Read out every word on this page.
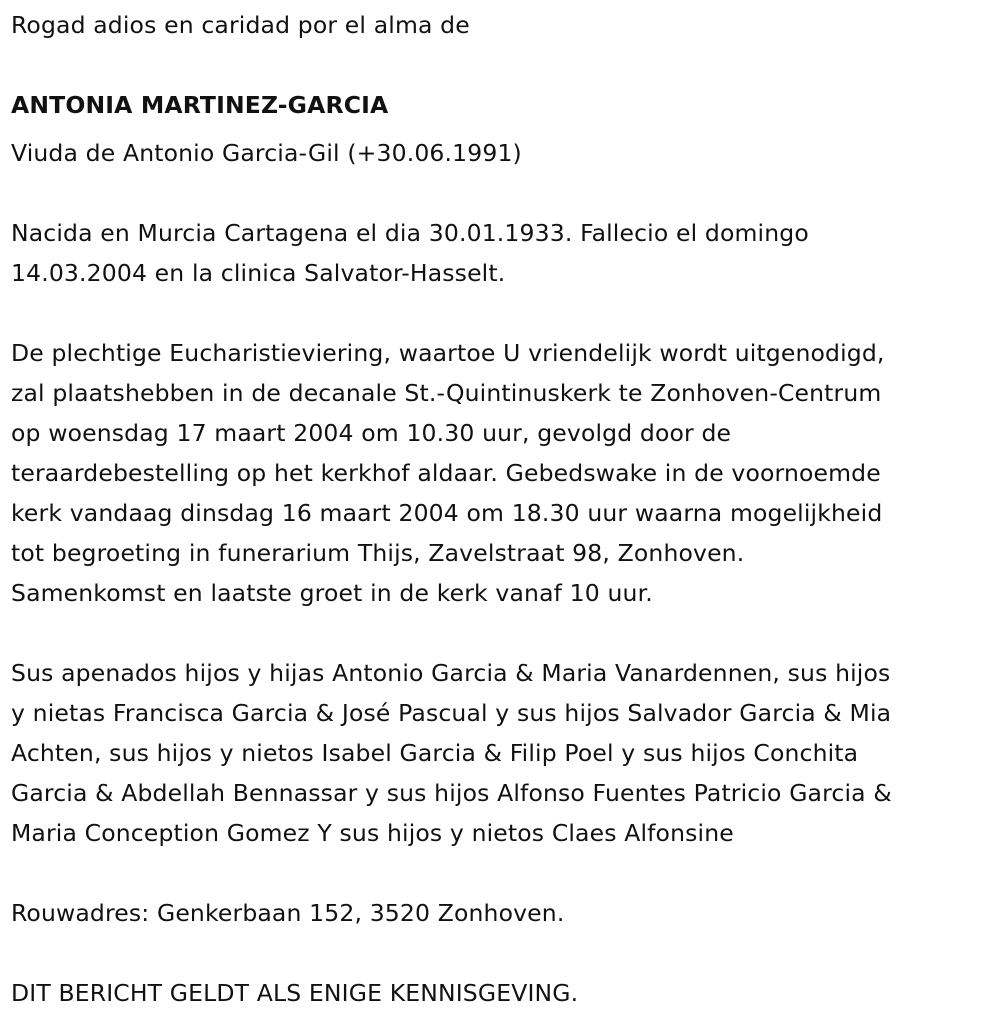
Rogad adios en caridad por el alma de
ANTONIA MARTINEZ-GARCIA
Viuda de Antonio Garcia-Gil (+30.06.1991)
Nacida en Murcia Cartagena el dia 30.01.1933. Fallecio el domingo
14.03.2004 en la clinica Salvator-Hasselt.
De plechtige Eucharistieviering, waartoe U vriendelijk wordt uitgenodigd,
zal plaatshebben in de decanale St.-Quintinuskerk te Zonhoven-Centrum
op woensdag 17 maart 2004 om 10.30 uur, gevolgd door de
teraardebestelling op het kerkhof aldaar. Gebedswake in de voornoemde
kerk vandaag dinsdag 16 maart 2004 om 18.30 uur waarna mogelijkheid
tot begroeting in funerarium Thijs, Zavelstraat 98, Zonhoven.
Samenkomst en laatste groet in de kerk vanaf 10 uur.
Sus apenados hijos y hijas Antonio Garcia & Maria Vanardennen, sus hijos
y nietas Francisca Garcia & José Pascual y sus hijos Salvador Garcia & Mia
Achten, sus hijos y nietos Isabel Garcia & Filip Poel y sus hijos Conchita
Garcia & Abdellah Bennassar y sus hijos Alfonso Fuentes Patricio Garcia &
Maria Conception Gomez Y sus hijos y nietos Claes Alfonsine
Rouwadres: Genkerbaan 152, 3520 Zonhoven.
DIT BERICHT GELDT ALS ENIGE KENNISGEVING.
